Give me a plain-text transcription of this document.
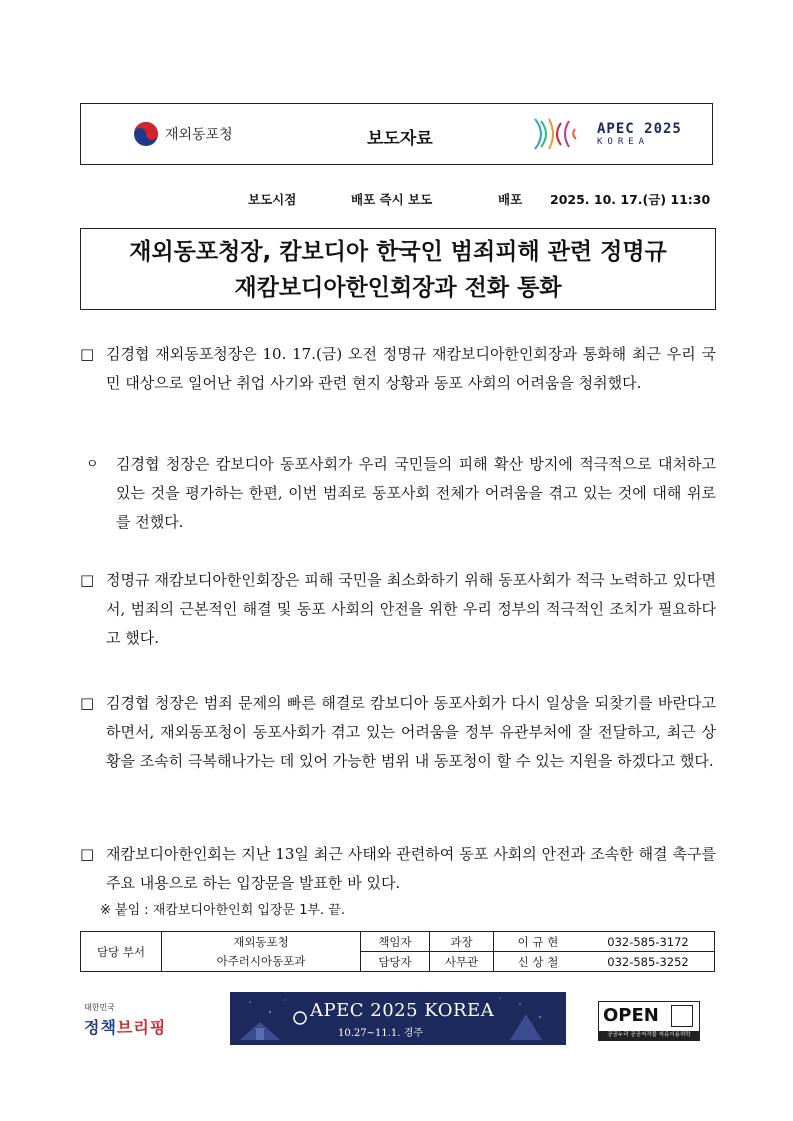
재외동포청	보도자료	APEC 2025
KOREA
보도시점	배포 즉시 보도	배포 2025. 10. 17.(금) 11:30
재외동포청장, 캄보디아 한국인 범죄피해 관련 정명규
재캄보디아한인회장과 전화 통화
□ 김경협 재외동포청장은 10. 17.(금) 오전 정명규 재캄보디아한인회장과 통화해 최근 우리 국민 대상으로 일어난 취업 사기와 관련 현지 상황과 동포 사회의 어려움을 청취했다.
ㅇ	김경협 청장은 캄보디아 동포사회가 우리 국민들의 피해 확산 방지에 적극적으로 대처하고 있는 것을 평가하는 한편, 이번 범죄로 동포사회 전체가 어려움을 겪고 있는 것에 대해 위로를 전했다.
□ 정명규 재캄보디아한인회장은 피해 국민을 최소화하기 위해 동포사회가 적극 노력하고 있다면서, 범죄의 근본적인 해결 및 동포 사회의 안전을 위한 우리 정부의 적극적인 조치가 필요하다고 했다.
□ 김경협 청장은 범죄 문제의 빠른 해결로 캄보디아 동포사회가 다시 일상을 되찾기를 바란다고 하면서, 재외동포청이 동포사회가 겪고 있는 어려움을 정부 유관부처에 잘 전달하고, 최근 상황을 조속히 극복해나가는 데 있어 가능한 범위 내 동포청이 할 수 있는 지원을 하겠다고 했다.
□ 재캄보디아한인회는 지난 13일 최근 사태와 관련하여 동포 사회의 안전과 조속한 해결 촉구를 주요 내용으로 하는 입장문을 발표한 바 있다.
※ 붙임 : 재캄보디아한인회 입장문 1부. 끝.
담당 부서	재외동포청	책임자	과장	이 규 현	032-585-3172
	아주러시아동포과	담당자	사무관	신 상 철	032-585-3252
대한민국
정책브리핑
APEC 2025 KOREA
10.27~11.1. 경주
OPEN
공공누리 공공저작물 자유이용허락
